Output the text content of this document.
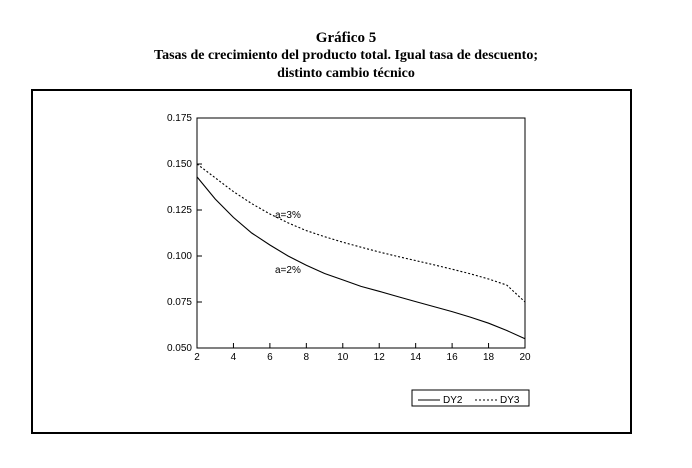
Gráfico 5
Tasas de crecimiento del producto total. Igual tasa de descuento;
distinto cambio técnico
2	4	6	8	10	12	14	16	18	20
0.050
0.075
0.100
0.125
0.150
0.175
a=3%
a=2%
DY2	DY3
